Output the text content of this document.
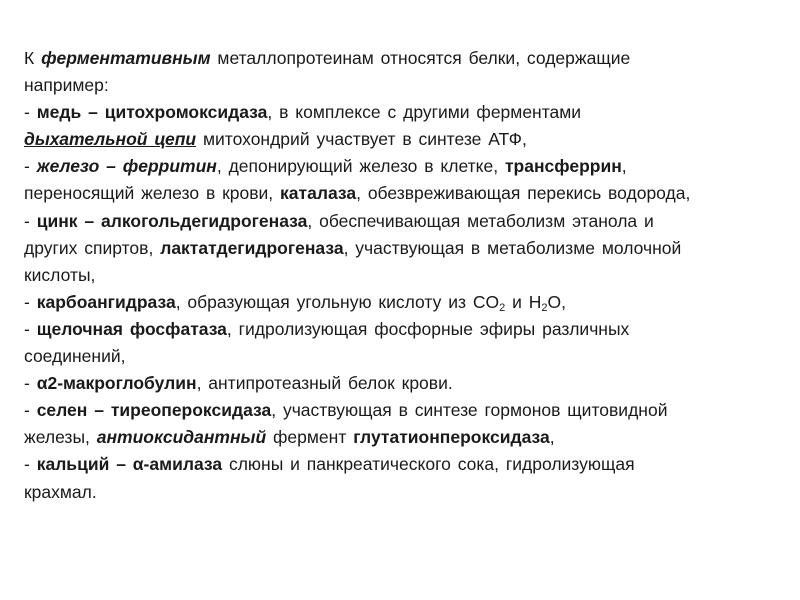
К ферментативным металлопротеинам относятся белки, содержащие
например:
- медь – цитохромоксидаза, в комплексе с другими ферментами
дыхательной цепи митохондрий участвует в синтезе АТФ,
- железо – ферритин, депонирующий железо в клетке, трансферрин,
переносящий железо в крови, каталаза, обезвреживающая перекись водорода,
- цинк – алкогольдегидрогеназа, обеспечивающая метаболизм этанола и
других спиртов, лактатдегидрогеназа, участвующая в метаболизме молочной
кислоты,
- карбоангидраза, образующая угольную кислоту из $CO_2$ и $H_2O$,
- щелочная фосфатаза, гидролизующая фосфорные эфиры различных
соединений,
- α2-макроглобулин, антипротеазный белок крови.
- селен – тиреопероксидаза, участвующая в синтезе гормонов щитовидной
железы, антиоксидантный фермент глутатионпероксидаза,
- кальций – α-амилаза слюны и панкреатического сока, гидролизующая
крахмал.
